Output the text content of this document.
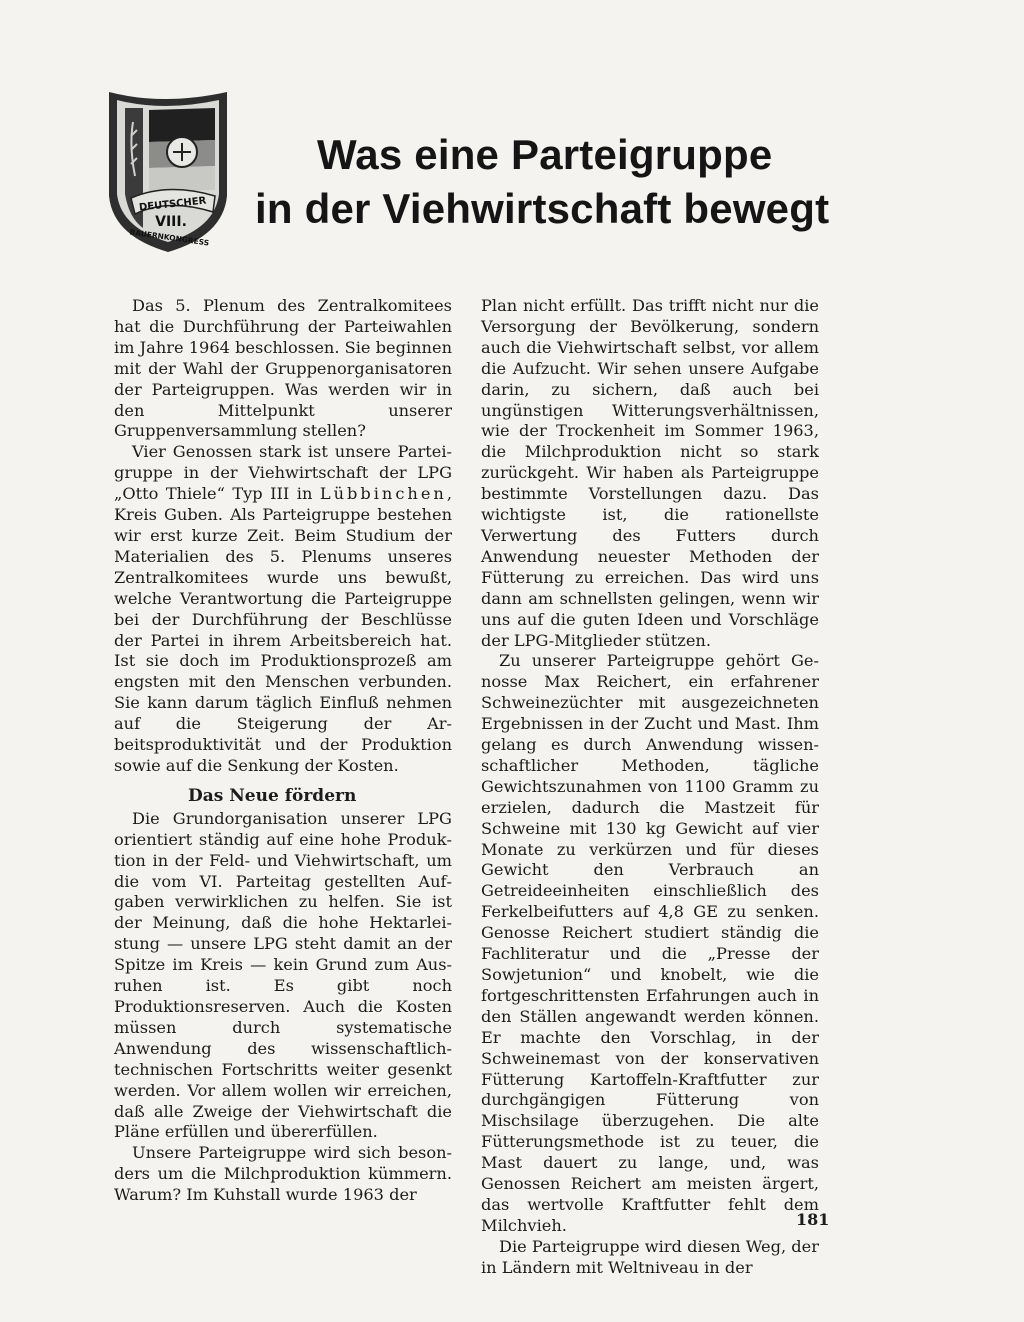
DEUTSCHER
VIII.
BAUERNKONGRESS
Was eine Parteigruppe
in der Viehwirtschaft bewegt

Das 5. Plenum des Zentralkomitees hat die Durchführung der Parteiwahlen im Jahre 1964 beschlossen. Sie beginnen mit der Wahl der Gruppenorganisatoren der Parteigruppen. Was werden wir in den Mittelpunkt unserer Gruppenversammlung stellen?

Vier Genossen stark ist unsere Parteigruppe in der Viehwirtschaft der LPG „Otto Thiele“ Typ III in Lübbinchen, Kreis Guben. Als Parteigruppe bestehen wir erst kurze Zeit. Beim Studium der Materialien des 5. Plenums unseres Zentralkomitees wurde uns bewußt, welche Verantwortung die Parteigruppe bei der Durchführung der Beschlüsse der Partei in ihrem Arbeitsbereich hat. Ist sie doch im Produktionsprozeß am engsten mit den Menschen verbunden. Sie kann darum täglich Einfluß nehmen auf die Steigerung der Arbeitsproduktivität und der Produktion sowie auf die Senkung der Kosten.

Das Neue fördern

Die Grundorganisation unserer LPG orientiert ständig auf eine hohe Produktion in der Feld- und Viehwirtschaft, um die vom VI. Parteitag gestellten Aufgaben verwirklichen zu helfen. Sie ist der Meinung, daß die hohe Hektarleistung — unsere LPG steht damit an der Spitze im Kreis — kein Grund zum Ausruhen ist. Es gibt noch Produktionsreserven. Auch die Kosten müssen durch systematische Anwendung des wissenschaftlich-technischen Fortschritts weiter gesenkt werden. Vor allem wollen wir erreichen, daß alle Zweige der Viehwirtschaft die Pläne erfüllen und übererfüllen.

Unsere Parteigruppe wird sich besonders um die Milchproduktion kümmern. Warum? Im Kuhstall wurde 1963 der

Plan nicht erfüllt. Das trifft nicht nur die Versorgung der Bevölkerung, sondern auch die Viehwirtschaft selbst, vor allem die Aufzucht. Wir sehen unsere Aufgabe darin, zu sichern, daß auch bei ungünstigen Witterungsverhältnissen, wie der Trockenheit im Sommer 1963, die Milchproduktion nicht so stark zurückgeht. Wir haben als Parteigruppe bestimmte Vorstellungen dazu. Das wichtigste ist, die rationellste Verwertung des Futters durch Anwendung neuester Methoden der Fütterung zu erreichen. Das wird uns dann am schnellsten gelingen, wenn wir uns auf die guten Ideen und Vorschläge der LPG-Mitglieder stützen.

Zu unserer Parteigruppe gehört Genosse Max Reichert, ein erfahrener Schweinezüchter mit ausgezeichneten Ergebnissen in der Zucht und Mast. Ihm gelang es durch Anwendung wissenschaftlicher Methoden, tägliche Gewichtszunahmen von 1100 Gramm zu erzielen, dadurch die Mastzeit für Schweine mit 130 kg Gewicht auf vier Monate zu verkürzen und für dieses Gewicht den Verbrauch an Getreideeinheiten einschließlich des Ferkelbeifutters auf 4,8 GE zu senken. Genosse Reichert studiert ständig die Fachliteratur und die „Presse der Sowjetunion“ und knobelt, wie die fortgeschrittensten Erfahrungen auch in den Ställen angewandt werden können. Er machte den Vorschlag, in der Schweinemast von der konservativen Fütterung Kartoffeln-Kraftfutter zur durchgängigen Fütterung von Mischsilage überzugehen. Die alte Fütterungsmethode ist zu teuer, die Mast dauert zu lange, und, was Genossen Reichert am meisten ärgert, das wertvolle Kraftfutter fehlt dem Milchvieh.

Die Parteigruppe wird diesen Weg, der in Ländern mit Weltniveau in der

181
